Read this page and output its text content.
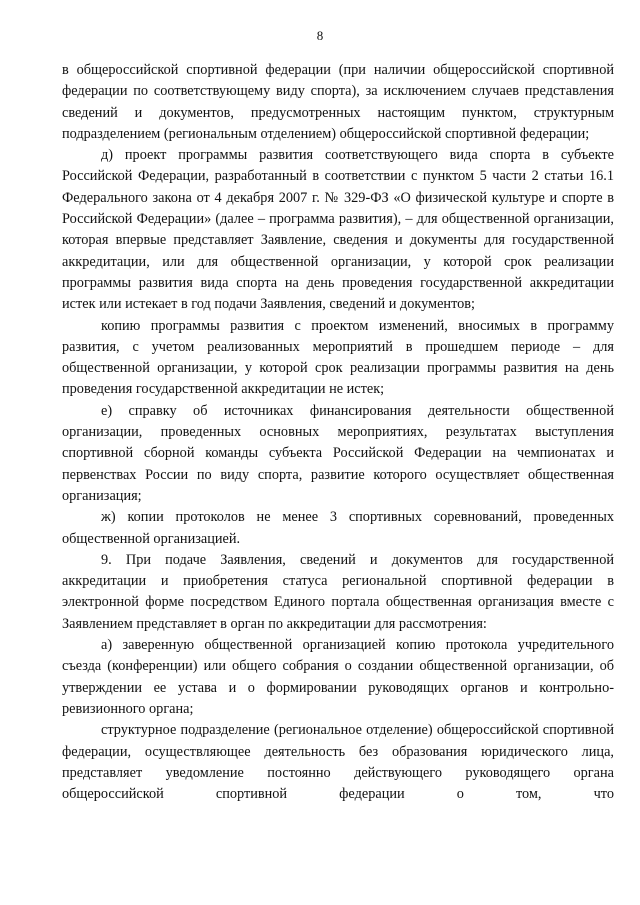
8

в общероссийской спортивной федерации (при наличии общероссийской спортивной федерации по соответствующему виду спорта), за исключением случаев представления сведений и документов, предусмотренных настоящим пунктом, структурным подразделением (региональным отделением) общероссийской спортивной федерации;

д) проект программы развития соответствующего вида спорта в субъекте Российской Федерации, разработанный в соответствии с пунктом 5 части 2 статьи 16.1 Федерального закона от 4 декабря 2007 г. № 329-ФЗ «О физической культуре и спорте в Российской Федерации» (далее – программа развития), – для общественной организации, которая впервые представляет Заявление, сведения и документы для государственной аккредитации, или для общественной организации, у которой срок реализации программы развития вида спорта на день проведения государственной аккредитации истек или истекает в год подачи Заявления, сведений и документов;

копию программы развития с проектом изменений, вносимых в программу развития, с учетом реализованных мероприятий в прошедшем периоде – для общественной организации, у которой срок реализации программы развития на день проведения государственной аккредитации не истек;

е) справку об источниках финансирования деятельности общественной организации, проведенных основных мероприятиях, результатах выступления спортивной сборной команды субъекта Российской Федерации на чемпионатах и первенствах России по виду спорта, развитие которого осуществляет общественная организация;

ж) копии протоколов не менее 3 спортивных соревнований, проведенных общественной организацией.

9. При подаче Заявления, сведений и документов для государственной аккредитации и приобретения статуса региональной спортивной федерации в электронной форме посредством Единого портала общественная организация вместе с Заявлением представляет в орган по аккредитации для рассмотрения:

а) заверенную общественной организацией копию протокола учредительного съезда (конференции) или общего собрания о создании общественной организации, об утверждении ее устава и о формировании руководящих органов и контрольно-ревизионного органа;

структурное подразделение (региональное отделение) общероссийской спортивной федерации, осуществляющее деятельность без образования юридического лица, представляет уведомление постоянно действующего руководящего органа общероссийской спортивной федерации о том, что
